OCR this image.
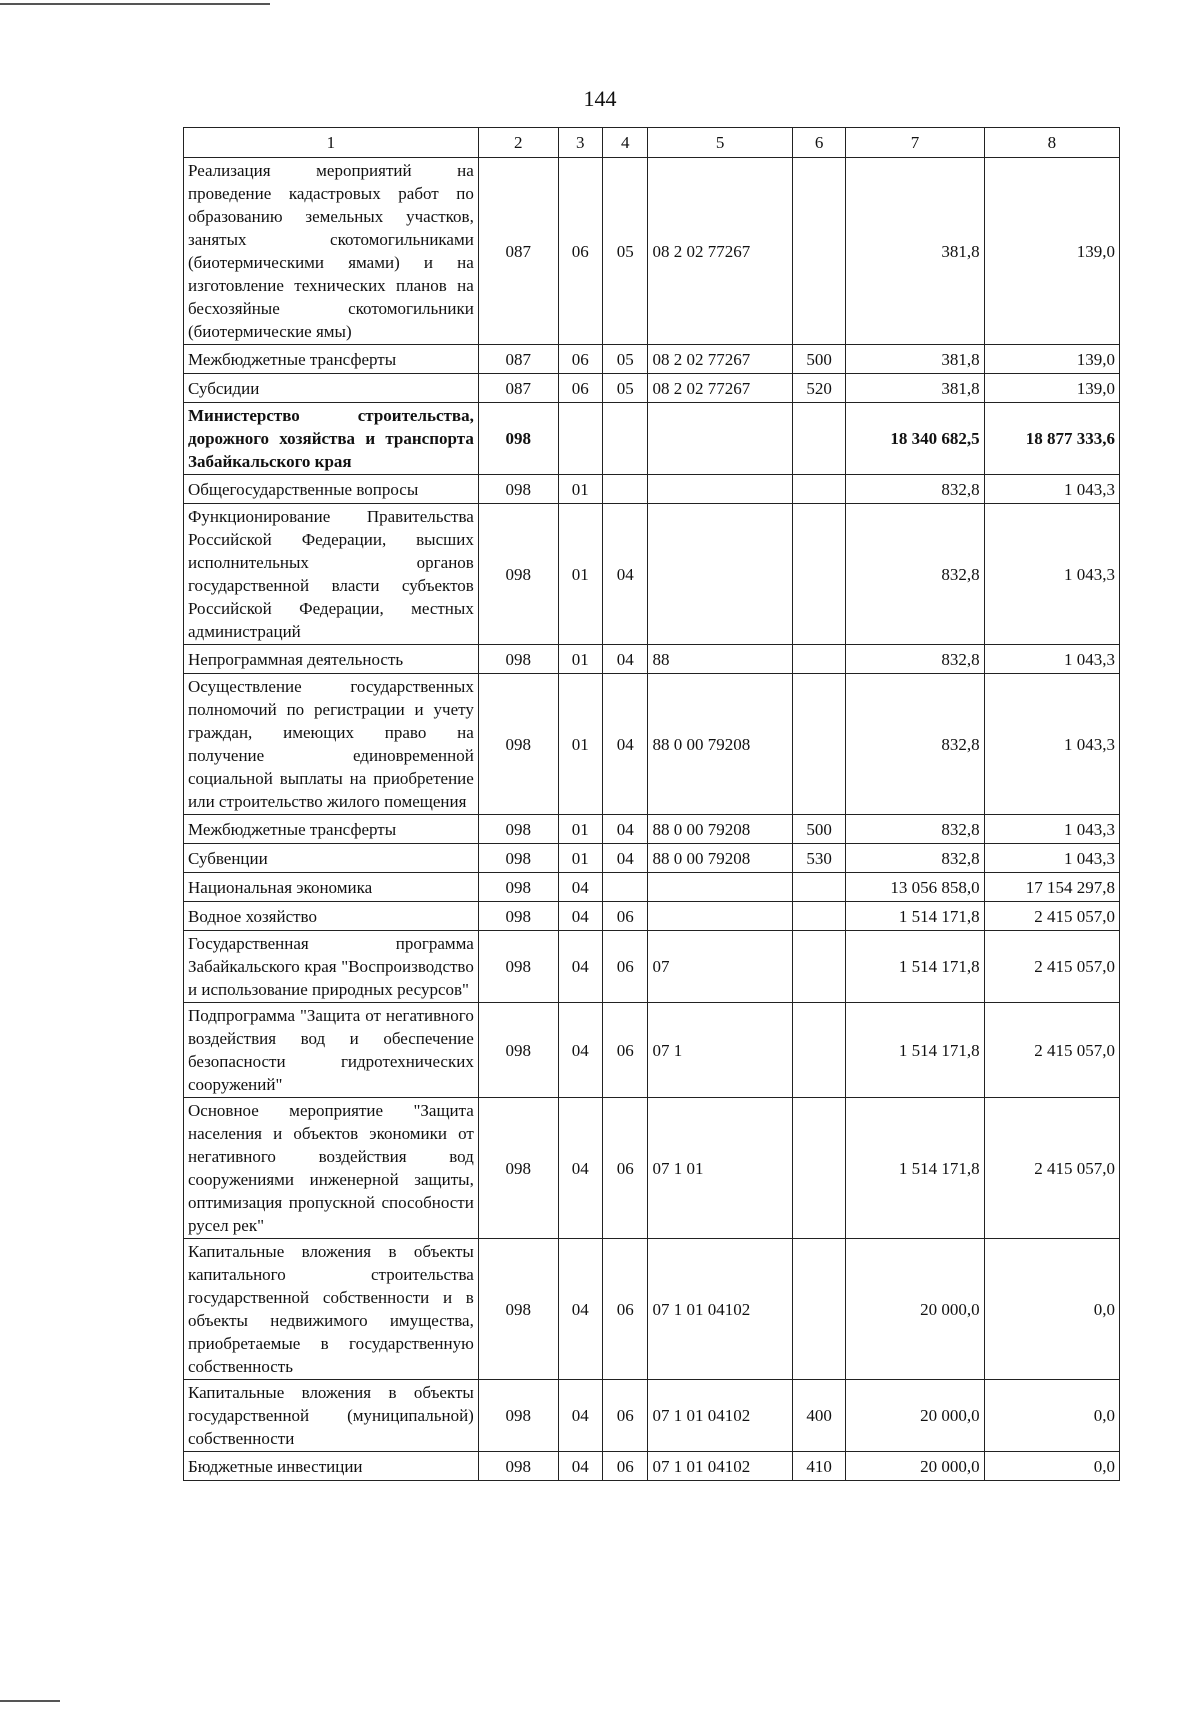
144
1	2	3	4	5	6	7	8
Реализация мероприятий на проведение кадастровых работ по образованию земельных участков, занятых скотомогильниками (биотермическими ямами) и на изготовление технических планов на бесхозяйные скотомогильники (биотермические ямы)	087	06	05	08 2 02 77267		381,8	139,0
Межбюджетные трансферты	087	06	05	08 2 02 77267	500	381,8	139,0
Субсидии	087	06	05	08 2 02 77267	520	381,8	139,0
Министерство строительства, дорожного хозяйства и транспорта Забайкальского края	098					18 340 682,5	18 877 333,6
Общегосударственные вопросы	098	01				832,8	1 043,3
Функционирование Правительства Российской Федерации, высших исполнительных органов государственной власти субъектов Российской Федерации, местных администраций	098	01	04			832,8	1 043,3
Непрограммная деятельность	098	01	04	88		832,8	1 043,3
Осуществление государственных полномочий по регистрации и учету граждан, имеющих право на получение единовременной социальной выплаты на приобретение или строительство жилого помещения	098	01	04	88 0 00 79208		832,8	1 043,3
Межбюджетные трансферты	098	01	04	88 0 00 79208	500	832,8	1 043,3
Субвенции	098	01	04	88 0 00 79208	530	832,8	1 043,3
Национальная экономика	098	04				13 056 858,0	17 154 297,8
Водное хозяйство	098	04	06			1 514 171,8	2 415 057,0
Государственная программа Забайкальского края "Воспроизводство и использование природных ресурсов"	098	04	06	07		1 514 171,8	2 415 057,0
Подпрограмма "Защита от негативного воздействия вод и обеспечение безопасности гидротехнических сооружений"	098	04	06	07 1		1 514 171,8	2 415 057,0
Основное мероприятие "Защита населения и объектов экономики от негативного воздействия вод сооружениями инженерной защиты, оптимизация пропускной способности русел рек"	098	04	06	07 1 01		1 514 171,8	2 415 057,0
Капитальные вложения в объекты капитального строительства государственной собственности и в объекты недвижимого имущества, приобретаемые в государственную собственность	098	04	06	07 1 01 04102		20 000,0	0,0
Капитальные вложения в объекты государственной (муниципальной) собственности	098	04	06	07 1 01 04102	400	20 000,0	0,0
Бюджетные инвестиции	098	04	06	07 1 01 04102	410	20 000,0	0,0
